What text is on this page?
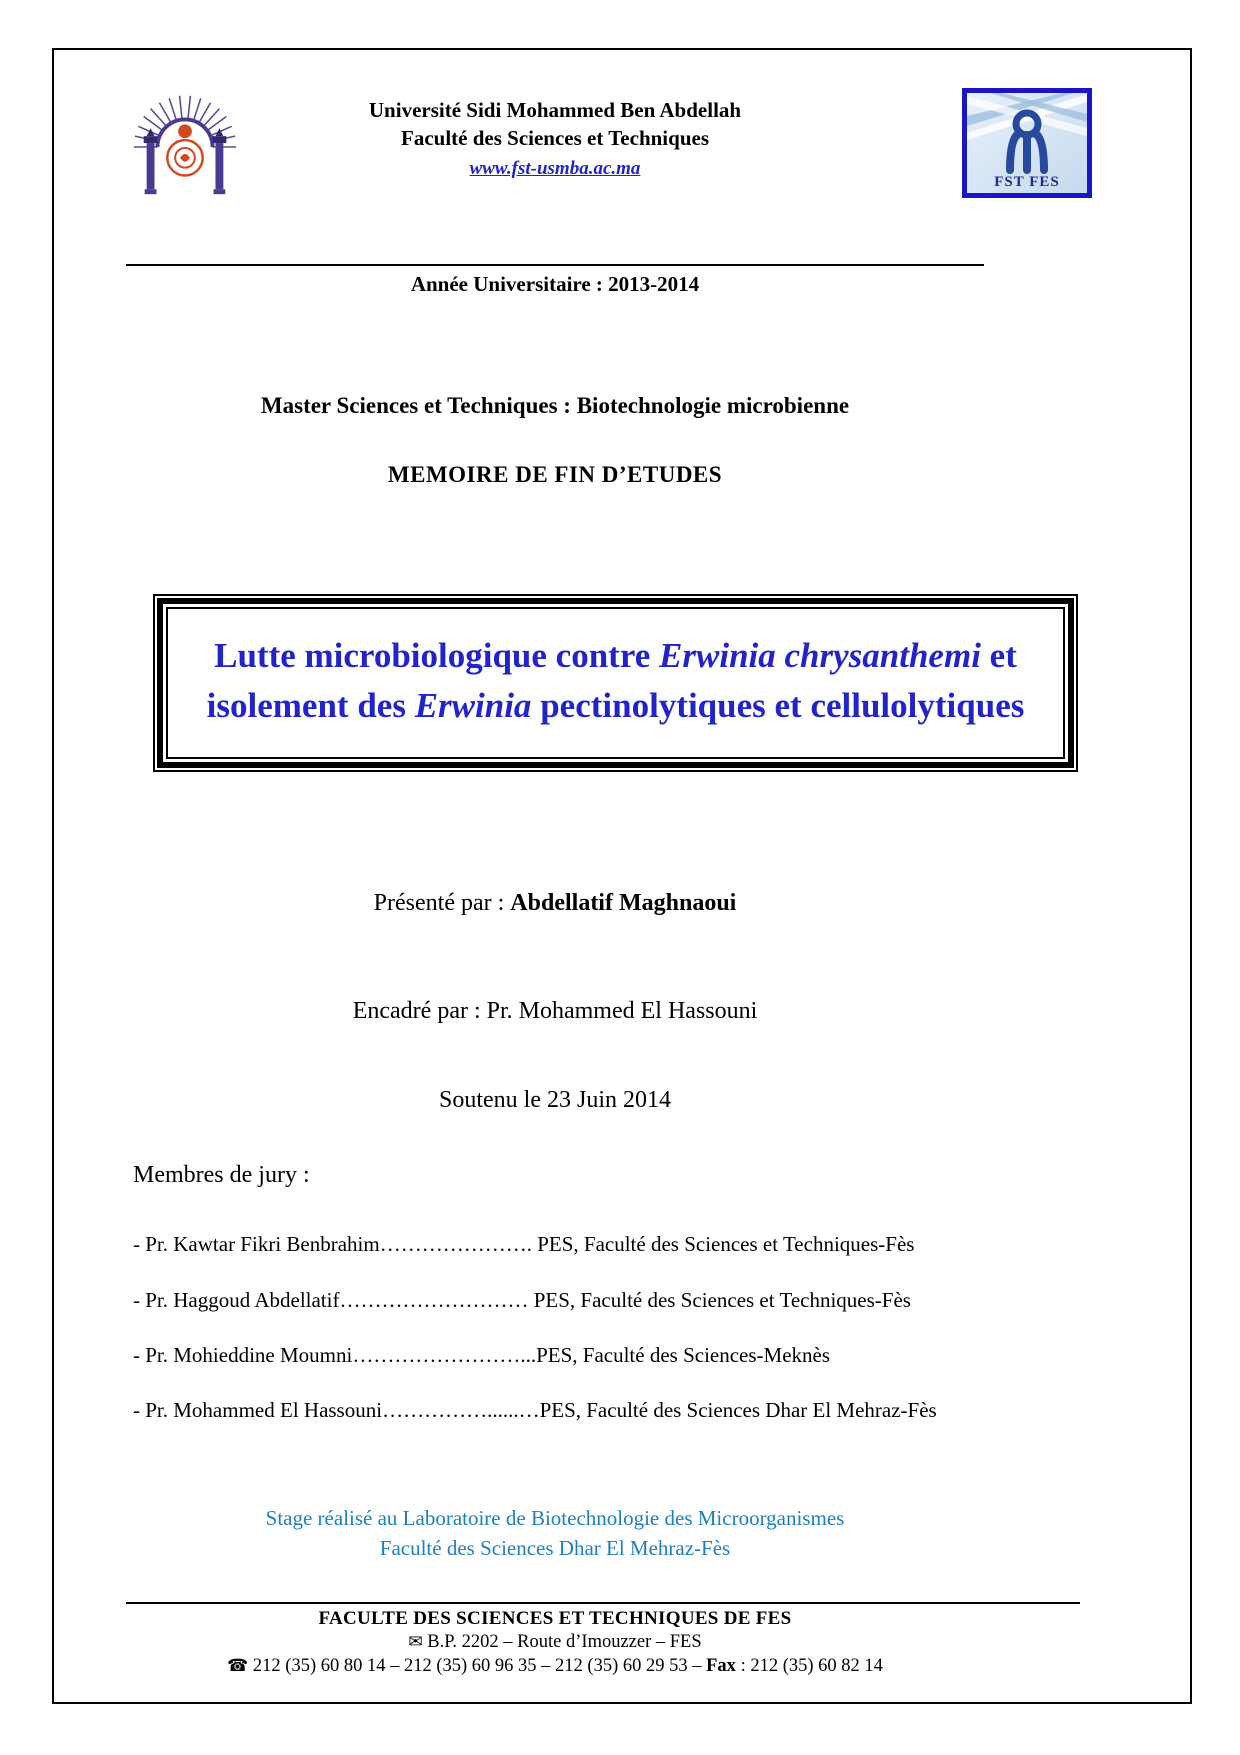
Université Sidi Mohammed Ben Abdellah
Faculté des Sciences et Techniques
www.fst-usmba.ac.ma
FST FES
Année Universitaire : 2013-2014
Master Sciences et Techniques : Biotechnologie microbienne
MEMOIRE DE FIN D’ETUDES
Lutte microbiologique contre Erwinia chrysanthemi et isolement des Erwinia pectinolytiques et cellulolytiques
Présenté par : Abdellatif Maghnaoui
Encadré par : Pr. Mohammed El Hassouni
Soutenu le 23 Juin 2014
Membres de jury :
- Pr. Kawtar Fikri Benbrahim…………………. PES, Faculté des Sciences et Techniques-Fès
- Pr. Haggoud Abdellatif……………………… PES, Faculté des Sciences et Techniques-Fès
- Pr. Mohieddine Moumni……………………...PES, Faculté des Sciences-Meknès
- Pr. Mohammed El Hassouni……………......…PES, Faculté des Sciences Dhar El Mehraz-Fès
Stage réalisé au Laboratoire de Biotechnologie des Microorganismes
Faculté des Sciences Dhar El Mehraz-Fès
FACULTE DES SCIENCES ET TECHNIQUES DE FES
✉ B.P. 2202 – Route d’Imouzzer – FES
☎ 212 (35) 60 80 14 – 212 (35) 60 96 35 – 212 (35) 60 29 53 – Fax : 212 (35) 60 82 14
